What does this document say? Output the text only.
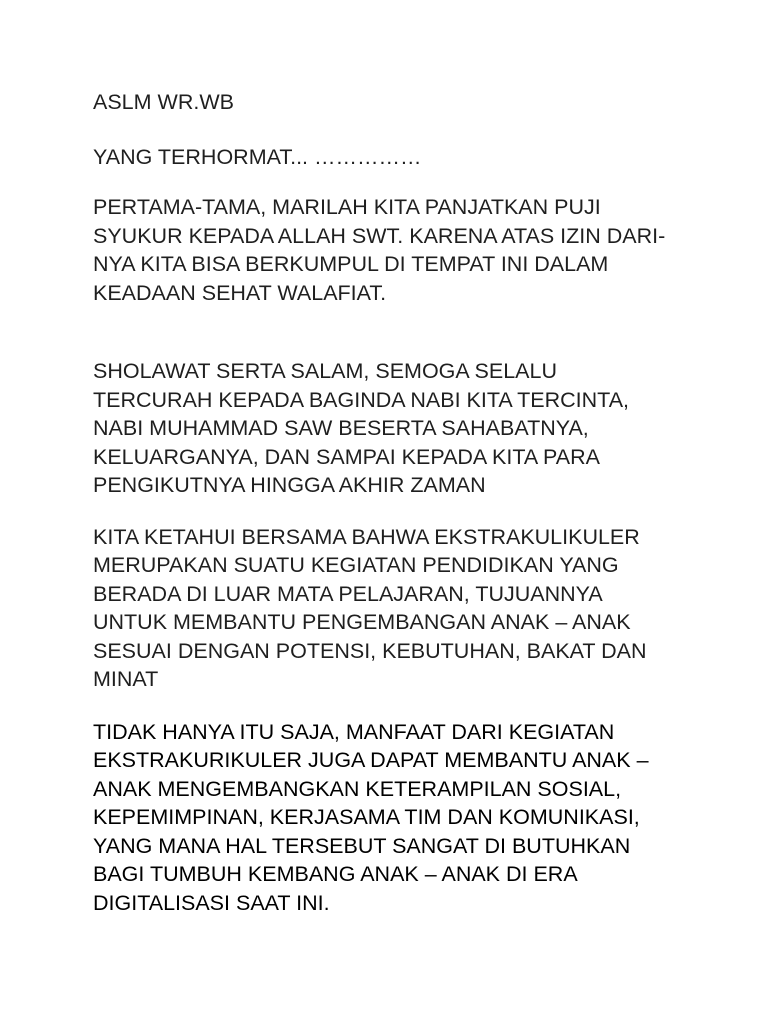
ASLM WR.WB

YANG TERHORMAT... ……………

PERTAMA-TAMA, MARILAH KITA PANJATKAN PUJI
SYUKUR KEPADA ALLAH SWT. KARENA ATAS IZIN DARI-
NYA KITA BISA BERKUMPUL DI TEMPAT INI DALAM
KEADAAN SEHAT WALAFIAT.

SHOLAWAT SERTA SALAM, SEMOGA SELALU
TERCURAH KEPADA BAGINDA NABI KITA TERCINTA,
NABI MUHAMMAD SAW BESERTA SAHABATNYA,
KELUARGANYA, DAN SAMPAI KEPADA KITA PARA
PENGIKUTNYA HINGGA AKHIR ZAMAN

KITA KETAHUI BERSAMA BAHWA EKSTRAKULIKULER
MERUPAKAN SUATU KEGIATAN PENDIDIKAN YANG
BERADA DI LUAR MATA PELAJARAN, TUJUANNYA
UNTUK MEMBANTU PENGEMBANGAN ANAK – ANAK
SESUAI DENGAN POTENSI, KEBUTUHAN, BAKAT DAN
MINAT

TIDAK HANYA ITU SAJA, MANFAAT DARI KEGIATAN
EKSTRAKURIKULER JUGA DAPAT MEMBANTU ANAK –
ANAK MENGEMBANGKAN KETERAMPILAN SOSIAL,
KEPEMIMPINAN, KERJASAMA TIM DAN KOMUNIKASI,
YANG MANA HAL TERSEBUT SANGAT DI BUTUHKAN
BAGI TUMBUH KEMBANG ANAK – ANAK DI ERA
DIGITALISASI SAAT INI.
